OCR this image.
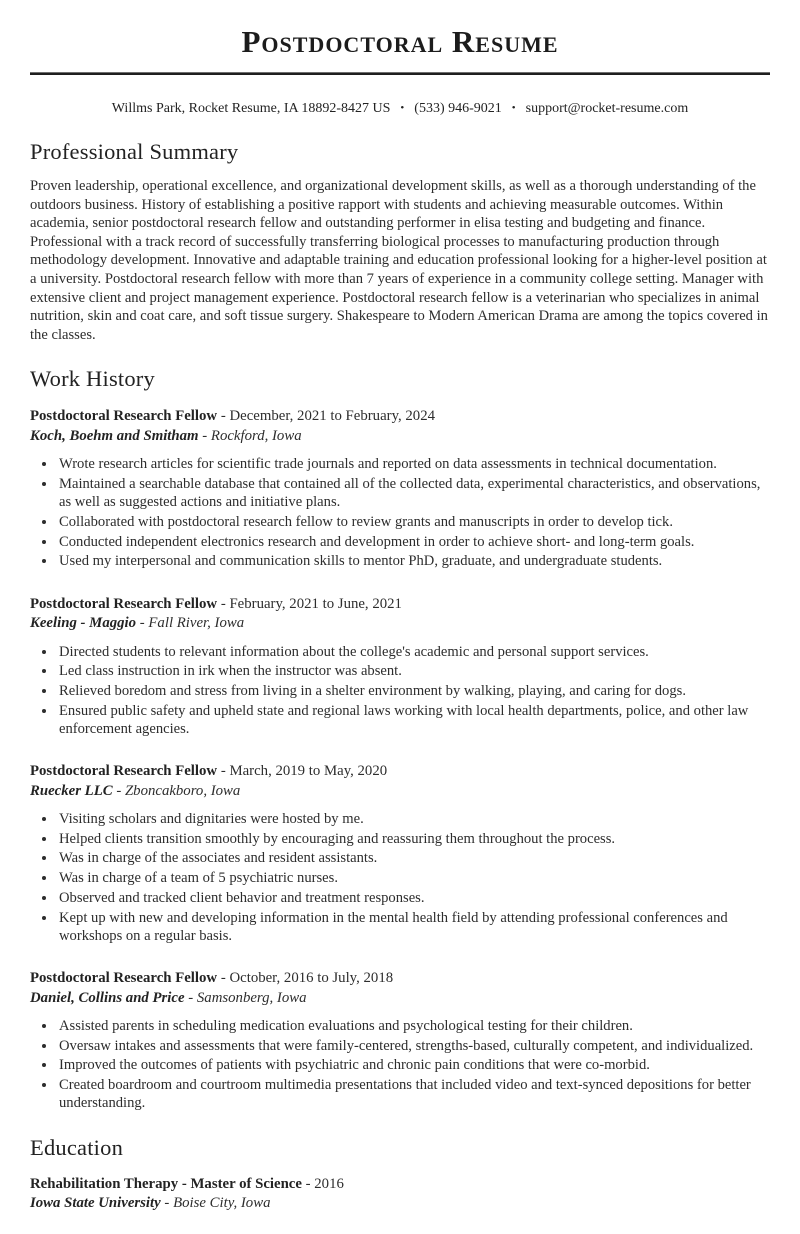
Postdoctoral Resume
Willms Park, Rocket Resume, IA 18892-8427 US • (533) 946-9021 • support@rocket-resume.com
Professional Summary

Proven leadership, operational excellence, and organizational development skills, as well as a thorough understanding of the outdoors business. History of establishing a positive rapport with students and achieving measurable outcomes. Within academia, senior postdoctoral research fellow and outstanding performer in elisa testing and budgeting and finance. Professional with a track record of successfully transferring biological processes to manufacturing production through methodology development. Innovative and adaptable training and education professional looking for a higher-level position at a university. Postdoctoral research fellow with more than 7 years of experience in a community college setting. Manager with extensive client and project management experience. Postdoctoral research fellow is a veterinarian who specializes in animal nutrition, skin and coat care, and soft tissue surgery. Shakespeare to Modern American Drama are among the topics covered in the classes.

Work History

Postdoctoral Research Fellow - December, 2021 to February, 2024

Koch, Boehm and Smitham - Rockford, Iowa

• Wrote research articles for scientific trade journals and reported on data assessments in technical documentation.
• Maintained a searchable database that contained all of the collected data, experimental characteristics, and observations, as well as suggested actions and initiative plans.
• Collaborated with postdoctoral research fellow to review grants and manuscripts in order to develop tick.
• Conducted independent electronics research and development in order to achieve short- and long-term goals.
• Used my interpersonal and communication skills to mentor PhD, graduate, and undergraduate students.

Postdoctoral Research Fellow - February, 2021 to June, 2021

Keeling - Maggio - Fall River, Iowa

• Directed students to relevant information about the college's academic and personal support services.
• Led class instruction in irk when the instructor was absent.
• Relieved boredom and stress from living in a shelter environment by walking, playing, and caring for dogs.
• Ensured public safety and upheld state and regional laws working with local health departments, police, and other law enforcement agencies.

Postdoctoral Research Fellow - March, 2019 to May, 2020

Ruecker LLC - Zboncakboro, Iowa

• Visiting scholars and dignitaries were hosted by me.
• Helped clients transition smoothly by encouraging and reassuring them throughout the process.
• Was in charge of the associates and resident assistants.
• Was in charge of a team of 5 psychiatric nurses.
• Observed and tracked client behavior and treatment responses.
• Kept up with new and developing information in the mental health field by attending professional conferences and workshops on a regular basis.

Postdoctoral Research Fellow - October, 2016 to July, 2018

Daniel, Collins and Price - Samsonberg, Iowa

• Assisted parents in scheduling medication evaluations and psychological testing for their children.
• Oversaw intakes and assessments that were family-centered, strengths-based, culturally competent, and individualized.
• Improved the outcomes of patients with psychiatric and chronic pain conditions that were co-morbid.
• Created boardroom and courtroom multimedia presentations that included video and text-synced depositions for better understanding.
Education

Rehabilitation Therapy - Master of Science - 2016

Iowa State University - Boise City, Iowa
